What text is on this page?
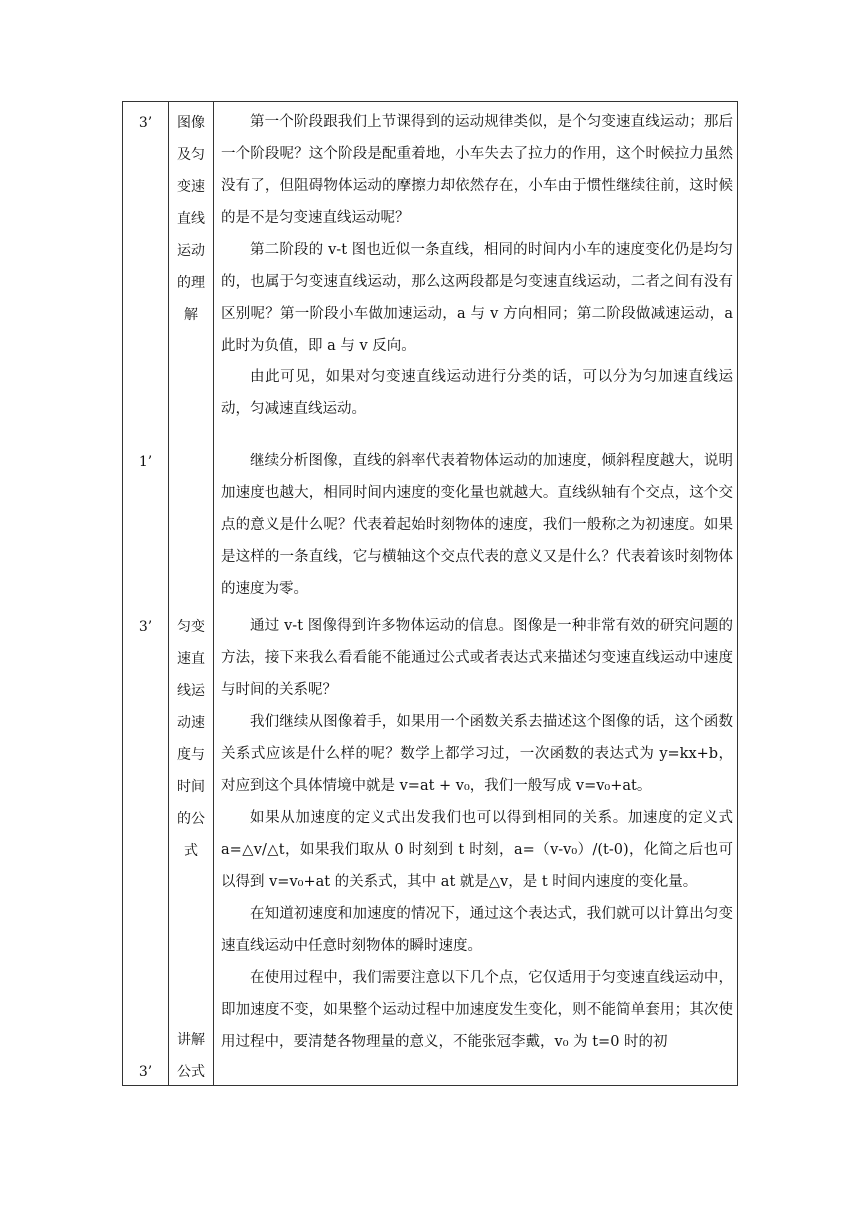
3’
1’
3’
3’
图像
及匀
变速
直线
运动
的理
解
匀变
速直
线运
动速
度与
时间
的公
式
讲解
公式

第一个阶段跟我们上节课得到的运动规律类似，是个匀变速直线运动；那后一个阶段呢？这个阶段是配重着地，小车失去了拉力的作用，这个时候拉力虽然没有了，但阻碍物体运动的摩擦力却依然存在，小车由于惯性继续往前，这时候的是不是匀变速直线运动呢？

第二阶段的 v-t 图也近似一条直线，相同的时间内小车的速度变化仍是均匀的，也属于匀变速直线运动，那么这两段都是匀变速直线运动，二者之间有没有区别呢？第一阶段小车做加速运动，a 与 v 方向相同；第二阶段做减速运动，a 此时为负值，即 a 与 v 反向。

由此可见，如果对匀变速直线运动进行分类的话，可以分为匀加速直线运动，匀减速直线运动。

继续分析图像，直线的斜率代表着物体运动的加速度，倾斜程度越大，说明加速度也越大，相同时间内速度的变化量也就越大。直线纵轴有个交点，这个交点的意义是什么呢？代表着起始时刻物体的速度，我们一般称之为初速度。如果是这样的一条直线，它与横轴这个交点代表的意义又是什么？代表着该时刻物体的速度为零。

通过 v-t 图像得到许多物体运动的信息。图像是一种非常有效的研究问题的方法，接下来我么看看能不能通过公式或者表达式来描述匀变速直线运动中速度与时间的关系呢？

我们继续从图像着手，如果用一个函数关系去描述这个图像的话，这个函数关系式应该是什么样的呢？数学上都学习过，一次函数的表达式为 y=kx+b，对应到这个具体情境中就是 v=at + v₀，我们一般写成 v=v₀+at。

如果从加速度的定义式出发我们也可以得到相同的关系。加速度的定义式 a=△v/△t，如果我们取从 0 时刻到 t 时刻，a=（v-v₀）/(t-0)，化简之后也可以得到 v=v₀+at 的关系式，其中 at 就是△v，是 t 时间内速度的变化量。

在知道初速度和加速度的情况下，通过这个表达式，我们就可以计算出匀变速直线运动中任意时刻物体的瞬时速度。

在使用过程中，我们需要注意以下几个点，它仅适用于匀变速直线运动中，即加速度不变，如果整个运动过程中加速度发生变化，则不能简单套用；其次使用过程中，要清楚各物理量的意义，不能张冠李戴，v₀ 为 t=0 时的初
